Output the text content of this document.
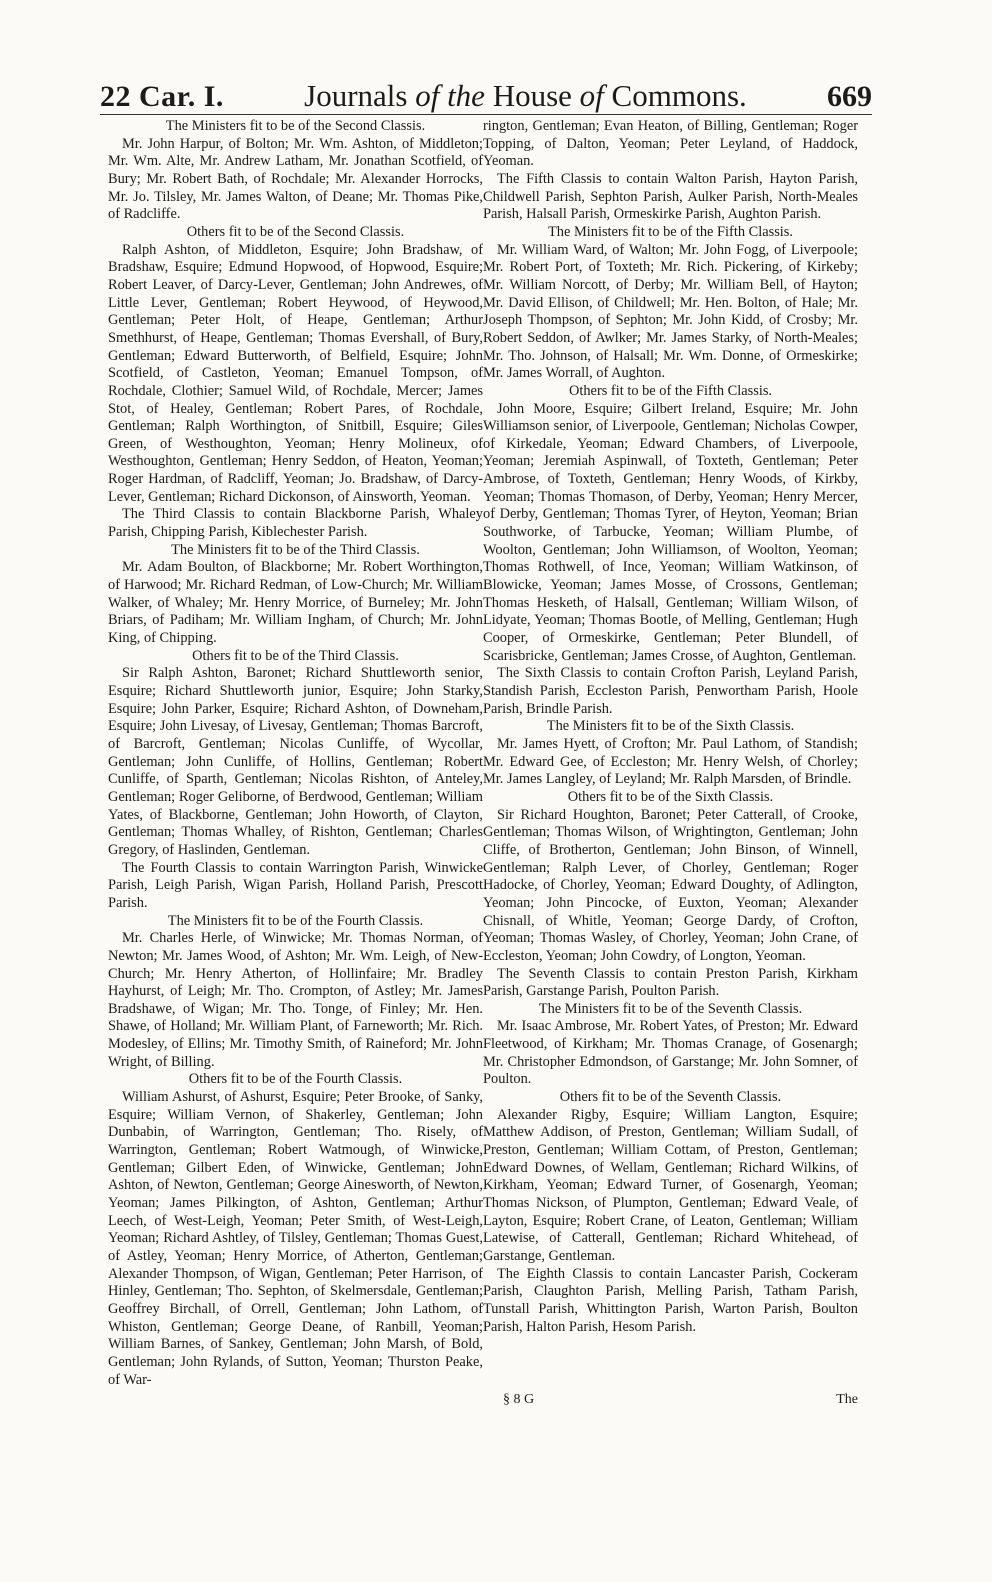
22 Car. I.	Journals of the House of Commons.	669

The Ministers fit to be of the Second Classis.

Mr. John Harpur, of Bolton; Mr. Wm. Ashton, of Middleton; Mr. Wm. Alte, Mr. Andrew Latham, Mr. Jonathan Scotfield, of Bury; Mr. Robert Bath, of Rochdale; Mr. Alexander Horrocks, Mr. Jo. Tilsley, Mr. James Walton, of Deane; Mr. Thomas Pike, of Radcliffe.

Others fit to be of the Second Classis.

Ralph Ashton, of Middleton, Esquire; John Bradshaw, of Bradshaw, Esquire; Edmund Hopwood, of Hopwood, Esquire; Robert Leaver, of Darcy-Lever, Gentleman; John Andrewes, of Little Lever, Gentleman; Robert Heywood, of Heywood, Gentleman; Peter Holt, of Heape, Gentleman; Arthur Smethhurst, of Heape, Gentleman; Thomas Evershall, of Bury, Gentleman; Edward Butterworth, of Belfield, Esquire; John Scotfield, of Castleton, Yeoman; Emanuel Tompson, of Rochdale, Clothier; Samuel Wild, of Rochdale, Mercer; James Stot, of Healey, Gentleman; Robert Pares, of Rochdale, Gentleman; Ralph Worthington, of Snitbill, Esquire; Giles Green, of Westhoughton, Yeoman; Henry Molineux, of Westhoughton, Gentleman; Henry Seddon, of Heaton, Yeoman; Roger Hardman, of Radcliff, Yeoman; Jo. Bradshaw, of Darcy-Lever, Gentleman; Richard Dickonson, of Ainsworth, Yeoman.

The Third Classis to contain Blackborne Parish, Whaley Parish, Chipping Parish, Kiblechester Parish.

The Ministers fit to be of the Third Classis.

Mr. Adam Boulton, of Blackborne; Mr. Robert Worthington, of Harwood; Mr. Richard Redman, of Low-Church; Mr. William Walker, of Whaley; Mr. Henry Morrice, of Burneley; Mr. John Briars, of Padiham; Mr. William Ingham, of Church; Mr. John King, of Chipping.

Others fit to be of the Third Classis.

Sir Ralph Ashton, Baronet; Richard Shuttleworth senior, Esquire; Richard Shuttleworth junior, Esquire; John Starky, Esquire; John Parker, Esquire; Richard Ashton, of Downeham, Esquire; John Livesay, of Livesay, Gentleman; Thomas Barcroft, of Barcroft, Gentleman; Nicolas Cunliffe, of Wycollar, Gentleman; John Cunliffe, of Hollins, Gentleman; Robert Cunliffe, of Sparth, Gentleman; Nicolas Rishton, of Anteley, Gentleman; Roger Geliborne, of Berdwood, Gentleman; William Yates, of Blackborne, Gentleman; John Howorth, of Clayton, Gentleman; Thomas Whalley, of Rishton, Gentleman; Charles Gregory, of Haslinden, Gentleman.

The Fourth Classis to contain Warrington Parish, Winwicke Parish, Leigh Parish, Wigan Parish, Holland Parish, Prescott Parish.

The Ministers fit to be of the Fourth Classis.

Mr. Charles Herle, of Winwicke; Mr. Thomas Norman, of Newton; Mr. James Wood, of Ashton; Mr. Wm. Leigh, of New-Church; Mr. Henry Atherton, of Hollinfaire; Mr. Bradley Hayhurst, of Leigh; Mr. Tho. Crompton, of Astley; Mr. James Bradshawe, of Wigan; Mr. Tho. Tonge, of Finley; Mr. Hen. Shawe, of Holland; Mr. William Plant, of Farneworth; Mr. Rich. Modesley, of Ellins; Mr. Timothy Smith, of Raineford; Mr. John Wright, of Billing.

Others fit to be of the Fourth Classis.

William Ashurst, of Ashurst, Esquire; Peter Brooke, of Sanky, Esquire; William Vernon, of Shakerley, Gentleman; John Dunbabin, of Warrington, Gentleman; Tho. Risely, of Warrington, Gentleman; Robert Watmough, of Winwicke, Gentleman; Gilbert Eden, of Winwicke, Gentleman; John Ashton, of Newton, Gentleman; George Ainesworth, of Newton, Yeoman; James Pilkington, of Ashton, Gentleman; Arthur Leech, of West-Leigh, Yeoman; Peter Smith, of West-Leigh, Yeoman; Richard Ashtley, of Tilsley, Gentleman; Thomas Guest, of Astley, Yeoman; Henry Morrice, of Atherton, Gentleman; Alexander Thompson, of Wigan, Gentleman; Peter Harrison, of Hinley, Gentleman; Tho. Sephton, of Skelmersdale, Gentleman; Geoffrey Birchall, of Orrell, Gentleman; John Lathom, of Whiston, Gentleman; George Deane, of Ranbill, Yeoman; William Barnes, of Sankey, Gentleman; John Marsh, of Bold, Gentleman; John Rylands, of Sutton, Yeoman; Thurston Peake, of War-

rington, Gentleman; Evan Heaton, of Billing, Gentleman; Roger Topping, of Dalton, Yeoman; Peter Leyland, of Haddock, Yeoman.

The Fifth Classis to contain Walton Parish, Hayton Parish, Childwell Parish, Sephton Parish, Aulker Parish, North-Meales Parish, Halsall Parish, Ormeskirke Parish, Aughton Parish.

The Ministers fit to be of the Fifth Classis.

Mr. William Ward, of Walton; Mr. John Fogg, of Liverpoole; Mr. Robert Port, of Toxteth; Mr. Rich. Pickering, of Kirkeby; Mr. William Norcott, of Derby; Mr. William Bell, of Hayton; Mr. David Ellison, of Childwell; Mr. Hen. Bolton, of Hale; Mr. Joseph Thompson, of Sephton; Mr. John Kidd, of Crosby; Mr. Robert Seddon, of Awlker; Mr. James Starky, of North-Meales; Mr. Tho. Johnson, of Halsall; Mr. Wm. Donne, of Ormeskirke; Mr. James Worrall, of Aughton.

Others fit to be of the Fifth Classis.

John Moore, Esquire; Gilbert Ireland, Esquire; Mr. John Williamson senior, of Liverpoole, Gentleman; Nicholas Cowper, of Kirkedale, Yeoman; Edward Chambers, of Liverpoole, Yeoman; Jeremiah Aspinwall, of Toxteth, Gentleman; Peter Ambrose, of Toxteth, Gentleman; Henry Woods, of Kirkby, Yeoman; Thomas Thomason, of Derby, Yeoman; Henry Mercer, of Derby, Gentleman; Thomas Tyrer, of Heyton, Yeoman; Brian Southworke, of Tarbucke, Yeoman; William Plumbe, of Woolton, Gentleman; John Williamson, of Woolton, Yeoman; Thomas Rothwell, of Ince, Yeoman; William Watkinson, of Blowicke, Yeoman; James Mosse, of Crossons, Gentleman; Thomas Hesketh, of Halsall, Gentleman; William Wilson, of Lidyate, Yeoman; Thomas Bootle, of Melling, Gentleman; Hugh Cooper, of Ormeskirke, Gentleman; Peter Blundell, of Scarisbricke, Gentleman; James Crosse, of Aughton, Gentleman.

The Sixth Classis to contain Crofton Parish, Leyland Parish, Standish Parish, Eccleston Parish, Penwortham Parish, Hoole Parish, Brindle Parish.

The Ministers fit to be of the Sixth Classis.

Mr. James Hyett, of Crofton; Mr. Paul Lathom, of Standish; Mr. Edward Gee, of Eccleston; Mr. Henry Welsh, of Chorley; Mr. James Langley, of Leyland; Mr. Ralph Marsden, of Brindle.

Others fit to be of the Sixth Classis.

Sir Richard Houghton, Baronet; Peter Catterall, of Crooke, Gentleman; Thomas Wilson, of Wrightington, Gentleman; John Cliffe, of Brotherton, Gentleman; John Binson, of Winnell, Gentleman; Ralph Lever, of Chorley, Gentleman; Roger Hadocke, of Chorley, Yeoman; Edward Doughty, of Adlington, Yeoman; John Pincocke, of Euxton, Yeoman; Alexander Chisnall, of Whitle, Yeoman; George Dardy, of Crofton, Yeoman; Thomas Wasley, of Chorley, Yeoman; John Crane, of Eccleston, Yeoman; John Cowdry, of Longton, Yeoman.

The Seventh Classis to contain Preston Parish, Kirkham Parish, Garstange Parish, Poulton Parish.

The Ministers fit to be of the Seventh Classis.

Mr. Isaac Ambrose, Mr. Robert Yates, of Preston; Mr. Edward Fleetwood, of Kirkham; Mr. Thomas Cranage, of Gosenargh; Mr. Christopher Edmondson, of Garstange; Mr. John Somner, of Poulton.

Others fit to be of the Seventh Classis.

Alexander Rigby, Esquire; William Langton, Esquire; Matthew Addison, of Preston, Gentleman; William Sudall, of Preston, Gentleman; William Cottam, of Preston, Gentleman; Edward Downes, of Wellam, Gentleman; Richard Wilkins, of Kirkham, Yeoman; Edward Turner, of Gosenargh, Yeoman; Thomas Nickson, of Plumpton, Gentleman; Edward Veale, of Layton, Esquire; Robert Crane, of Leaton, Gentleman; William Latewise, of Catterall, Gentleman; Richard Whitehead, of Garstange, Gentleman.

The Eighth Classis to contain Lancaster Parish, Cockeram Parish, Claughton Parish, Melling Parish, Tatham Parish, Tunstall Parish, Whittington Parish, Warton Parish, Boulton Parish, Halton Parish, Hesom Parish.

§ 8 G	The
